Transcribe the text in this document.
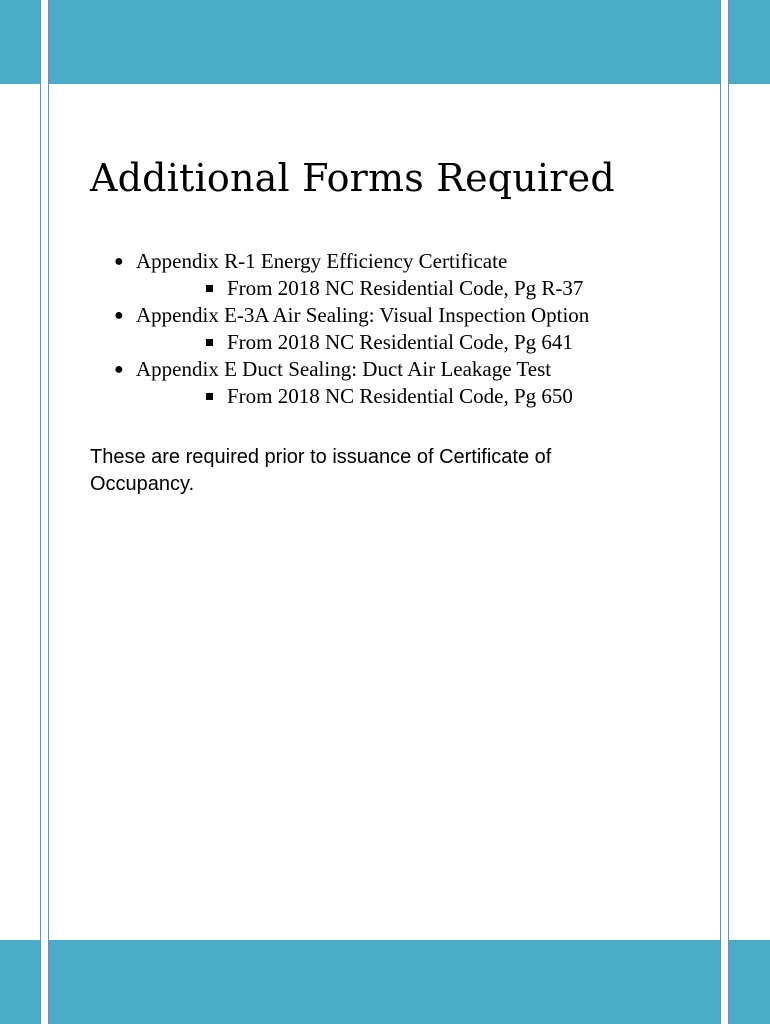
Additional Forms Required
● Appendix R-1 Energy Efficiency Certificate
From 2018 NC Residential Code, Pg R-37
● Appendix E-3A Air Sealing: Visual Inspection Option
From 2018 NC Residential Code, Pg 641
● Appendix E Duct Sealing: Duct Air Leakage Test
From 2018 NC Residential Code, Pg 650

These are required prior to issuance of Certificate of Occupancy.
